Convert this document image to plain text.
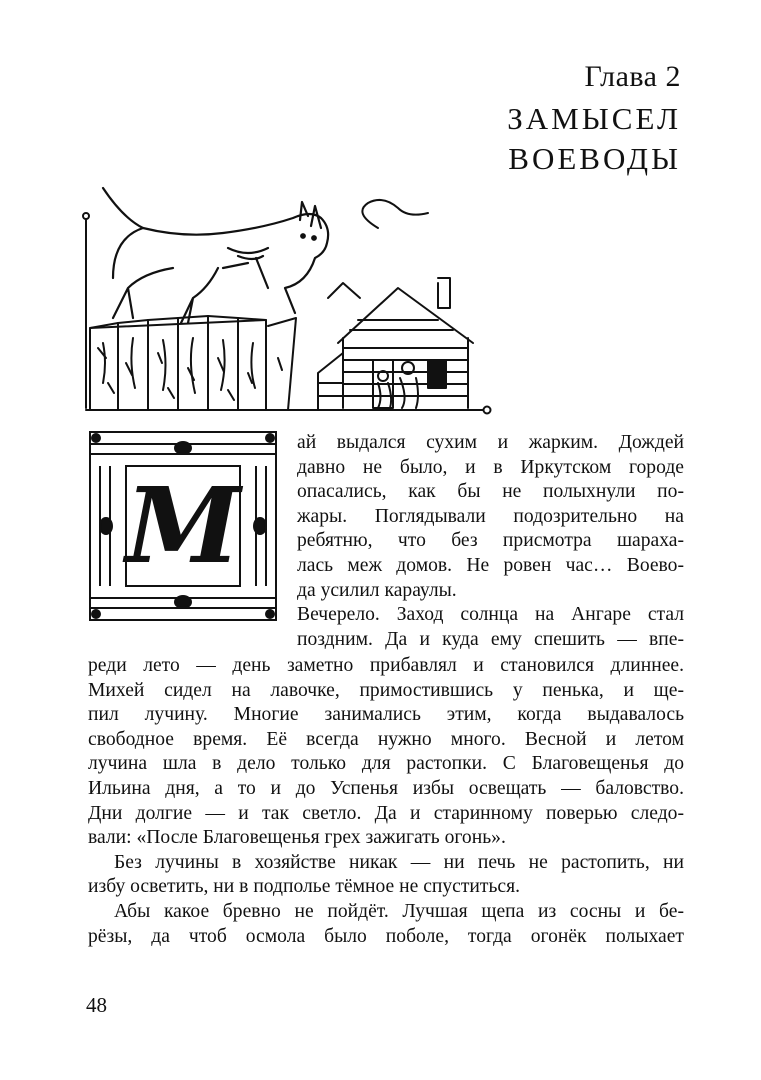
Глава 2
ЗАМЫСЕЛ
ВОЕВОДЫ
М
ай выдался сухим и жарким. Дождей
давно не было, и в Иркутском городе
опасались, как бы не полыхнули по-
жары. Поглядывали подозрительно на
ребятню, что без присмотра шараха-
лась меж домов. Не ровен час… Воево-
да усилил караулы.
Вечерело. Заход солнца на Ангаре стал
поздним. Да и куда ему спешить — впе-
реди лето — день заметно прибавлял и становился длиннее.
Михей сидел на лавочке, примостившись у пенька, и ще-
пил лучину. Многие занимались этим, когда выдавалось
свободное время. Её всегда нужно много. Весной и летом
лучина шла в дело только для растопки. С Благовещенья до
Ильина дня, а то и до Успенья избы освещать — баловство.
Дни долгие — и так светло. Да и старинному поверью следо-
вали: «После Благовещенья грех зажигать огонь».
Без лучины в хозяйстве никак — ни печь не растопить, ни
избу осветить, ни в подполье тёмное не спуститься.
Абы какое бревно не пойдёт. Лучшая щепа из сосны и бе-
рёзы, да чтоб осмола было поболе, тогда огонёк полыхает
48
